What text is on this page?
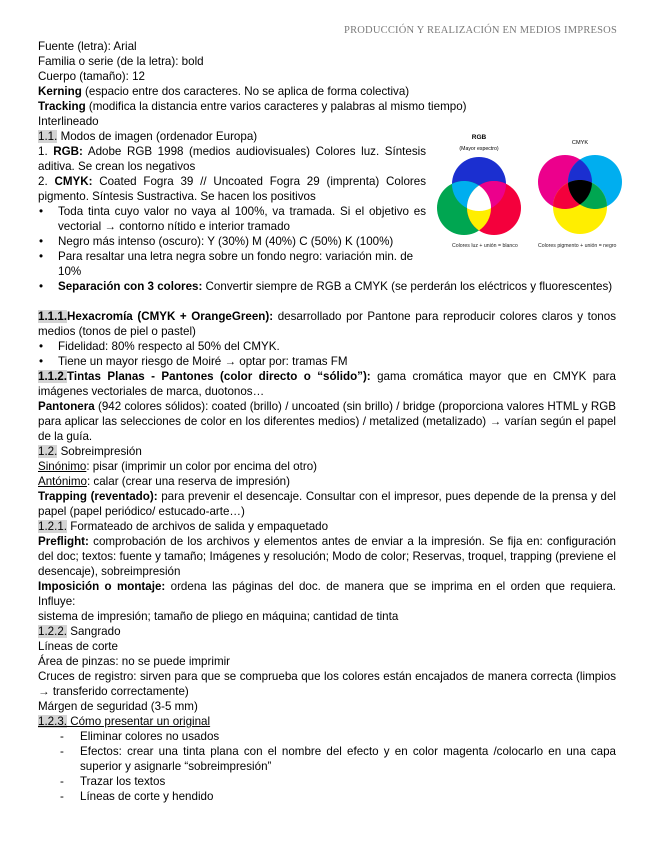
PRODUCCIÓN Y REALIZACIÓN EN MEDIOS IMPRESOS
RGB
(Mayor espectro)
CMYK
Colores luz + unión = blanco	Colores pigmento + unión = negro

Fuente (letra): Arial

Familia o serie (de la letra): bold

Cuerpo (tamaño): 12

Kerning (espacio entre dos caracteres. No se aplica de forma colectiva)

Tracking (modifica la distancia entre varios caracteres y palabras al mismo tiempo)

Interlineado

1.1. Modos de imagen (ordenador Europa)

1. RGB: Adobe RGB 1998 (medios audiovisuales) Colores luz. Síntesis aditiva. Se crean los negativos

2. CMYK: Coated Fogra 39 // Uncoated Fogra 29 (imprenta) Colores pigmento. Síntesis Sustractiva. Se hacen los positivos

• Toda tinta cuyo valor no vaya al 100%, va tramada. Si el objetivo es vectorial → contorno nítido e interior tramado
• Negro más intenso (oscuro): Y (30%) M (40%) C (50%) K (100%)
• Para resaltar una letra negra sobre un fondo negro: variación min. de 10%
• Separación con 3 colores: Convertir siempre de RGB a CMYK (se perderán los eléctricos y fluorescentes)

1.1.1.Hexacromía (CMYK + OrangeGreen): desarrollado por Pantone para reproducir colores claros y tonos medios (tonos de piel o pastel)

• Fidelidad: 80% respecto al 50% del CMYK.
• Tiene un mayor riesgo de Moiré → optar por: tramas FM

1.1.2.Tintas Planas - Pantones (color directo o “sólido”): gama cromática mayor que en CMYK para imágenes vectoriales de marca, duotonos…

Pantonera (942 colores sólidos): coated (brillo) / uncoated (sin brillo) / bridge (proporciona valores HTML y RGB para aplicar las selecciones de color en los diferentes medios) / metalized (metalizado) → varían según el papel de la guía.

1.2. Sobreimpresión

Sinónimo: pisar (imprimir un color por encima del otro)

Antónimo: calar (crear una reserva de impresión)

Trapping (reventado): para prevenir el desencaje. Consultar con el impresor, pues depende de la prensa y del papel (papel periódico/ estucado-arte…)

1.2.1. Formateado de archivos de salida y empaquetado

Preflight: comprobación de los archivos y elementos antes de enviar a la impresión. Se fija en: configuración del doc; textos: fuente y tamaño; Imágenes y resolución; Modo de color; Reservas, troquel, trapping (previene el desencaje), sobreimpresión

Imposición o montaje: ordena las páginas del doc. de manera que se imprima en el orden que requiera. Influye:

sistema de impresión; tamaño de pliego en máquina; cantidad de tinta

1.2.2. Sangrado

Líneas de corte

Área de pinzas: no se puede imprimir

Cruces de registro: sirven para que se comprueba que los colores están encajados de manera correcta (limpios → transferido correctamente)

Márgen de seguridad (3-5 mm)

1.2.3. Cómo presentar un original

- Eliminar colores no usados
- Efectos: crear una tinta plana con el nombre del efecto y en color magenta /colocarlo en una capa superior y asignarle “sobreimpresión”
- Trazar los textos
- Líneas de corte y hendido
